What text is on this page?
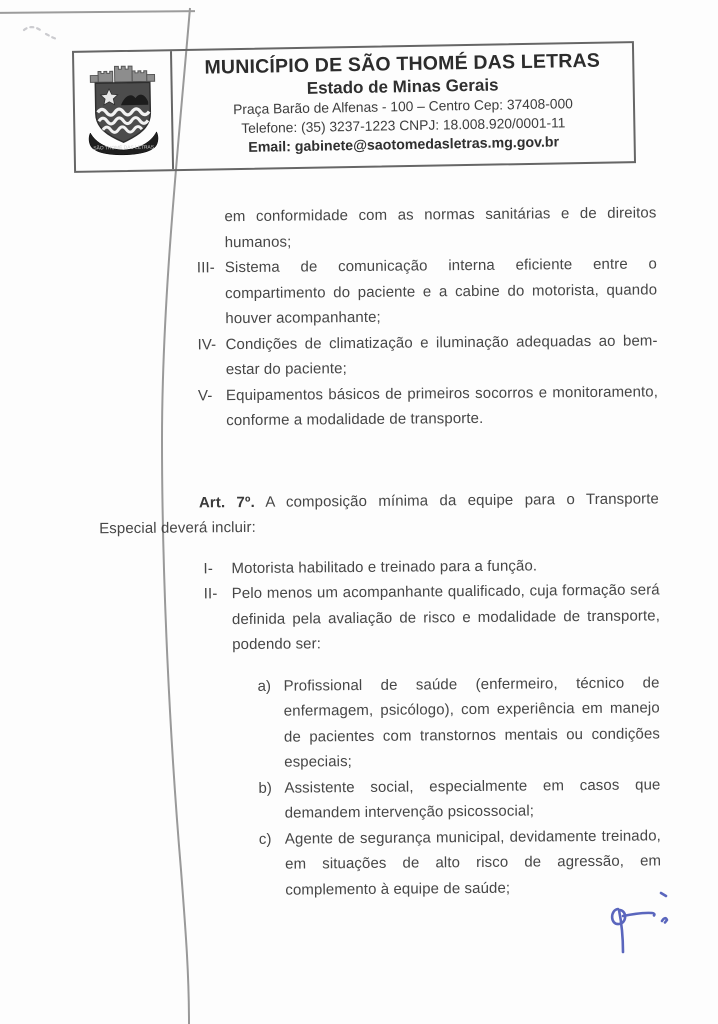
SÃO THOMÉ DAS LETRAS
MUNICÍPIO DE SÃO THOMÉ DAS LETRAS
Estado de Minas Gerais
Praça Barão de Alfenas - 100 – Centro Cep: 37408-000
Telefone: (35) 3237-1223 CNPJ: 18.008.920/0001-11
Email: gabinete@saotomedasletras.mg.gov.br
em conformidade com as normas sanitárias e de direitos
humanos;
III- Sistema de comunicação interna eficiente entre o
compartimento do paciente e a cabine do motorista, quando
houver acompanhante;
IV- Condições de climatização e iluminação adequadas ao bem-
estar do paciente;
V- Equipamentos básicos de primeiros socorros e monitoramento,
conforme a modalidade de transporte.
Art. 7º. A composição mínima da equipe para o Transporte
Especial deverá incluir:
I- Motorista habilitado e treinado para a função.
II- Pelo menos um acompanhante qualificado, cuja formação será
definida pela avaliação de risco e modalidade de transporte,
podendo ser:
a) Profissional de saúde (enfermeiro, técnico de
enfermagem, psicólogo), com experiência em manejo
de pacientes com transtornos mentais ou condições
especiais;
b) Assistente social, especialmente em casos que
demandem intervenção psicossocial;
c) Agente de segurança municipal, devidamente treinado,
em situações de alto risco de agressão, em
complemento à equipe de saúde;
